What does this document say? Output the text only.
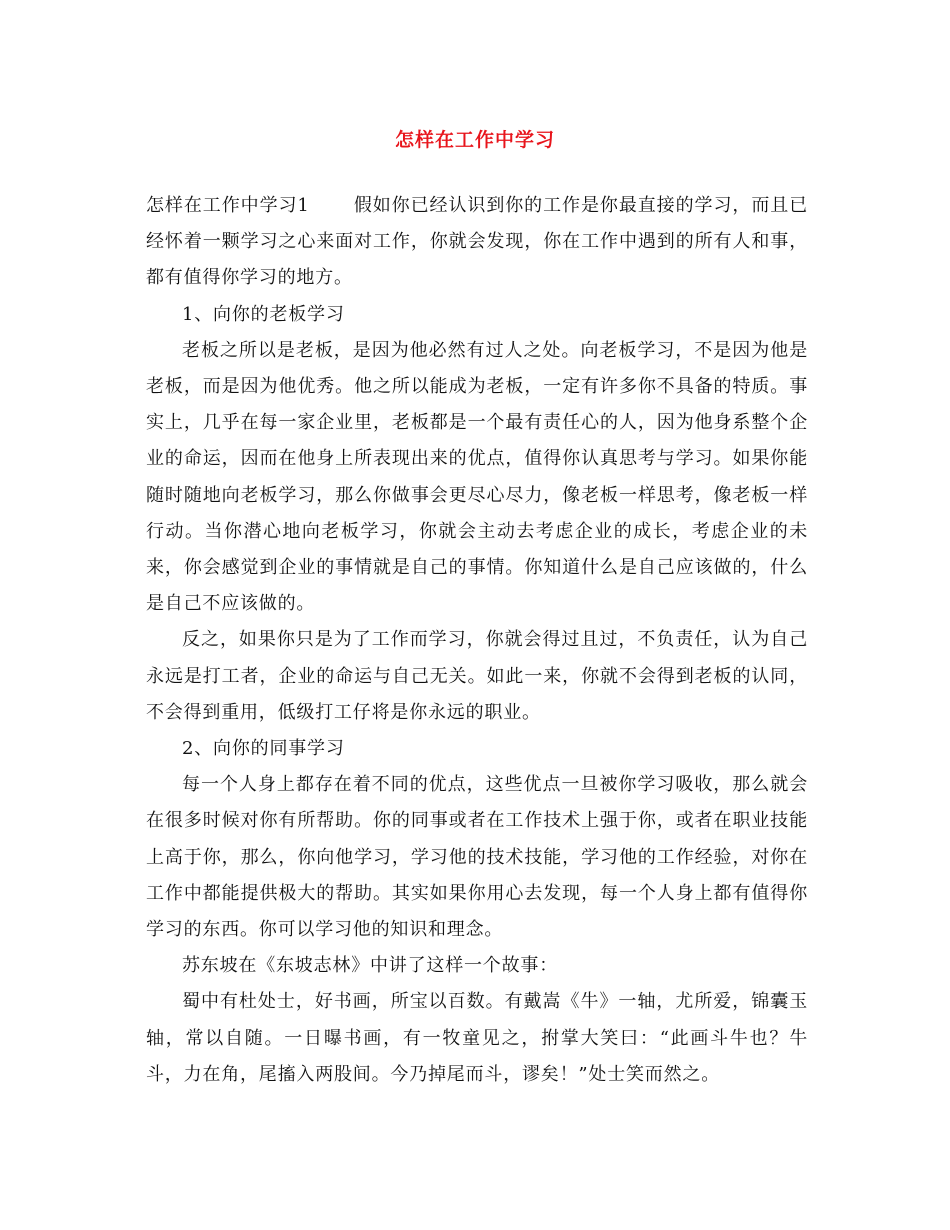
怎样在工作中学习

怎样在工作中学习1 假如你已经认识到你的工作是你最直接的学习，而且已经怀着一颗学习之心来面对工作，你就会发现，你在工作中遇到的所有人和事，都有值得你学习的地方。

1、向你的老板学习

老板之所以是老板，是因为他必然有过人之处。向老板学习，不是因为他是老板，而是因为他优秀。他之所以能成为老板，一定有许多你不具备的特质。事实上，几乎在每一家企业里，老板都是一个最有责任心的人，因为他身系整个企业的命运，因而在他身上所表现出来的优点，值得你认真思考与学习。如果你能随时随地向老板学习，那么你做事会更尽心尽力，像老板一样思考，像老板一样行动。当你潜心地向老板学习，你就会主动去考虑企业的成长，考虑企业的未来，你会感觉到企业的事情就是自己的事情。你知道什么是自己应该做的，什么是自己不应该做的。

反之，如果你只是为了工作而学习，你就会得过且过，不负责任，认为自己永远是打工者，企业的命运与自己无关。如此一来，你就不会得到老板的认同，不会得到重用，低级打工仔将是你永远的职业。

2、向你的同事学习

每一个人身上都存在着不同的优点，这些优点一旦被你学习吸收，那么就会在很多时候对你有所帮助。你的同事或者在工作技术上强于你，或者在职业技能上高于你，那么，你向他学习，学习他的技术技能，学习他的工作经验，对你在工作中都能提供极大的帮助。其实如果你用心去发现，每一个人身上都有值得你学习的东西。你可以学习他的知识和理念。

苏东坡在《东坡志林》中讲了这样一个故事：

蜀中有杜处士，好书画，所宝以百数。有戴嵩《牛》一轴，尤所爱，锦囊玉轴，常以自随。一日曝书画，有一牧童见之，拊掌大笑曰：“此画斗牛也？牛斗，力在角，尾搐入两股间。今乃掉尾而斗，谬矣！”处士笑而然之。
